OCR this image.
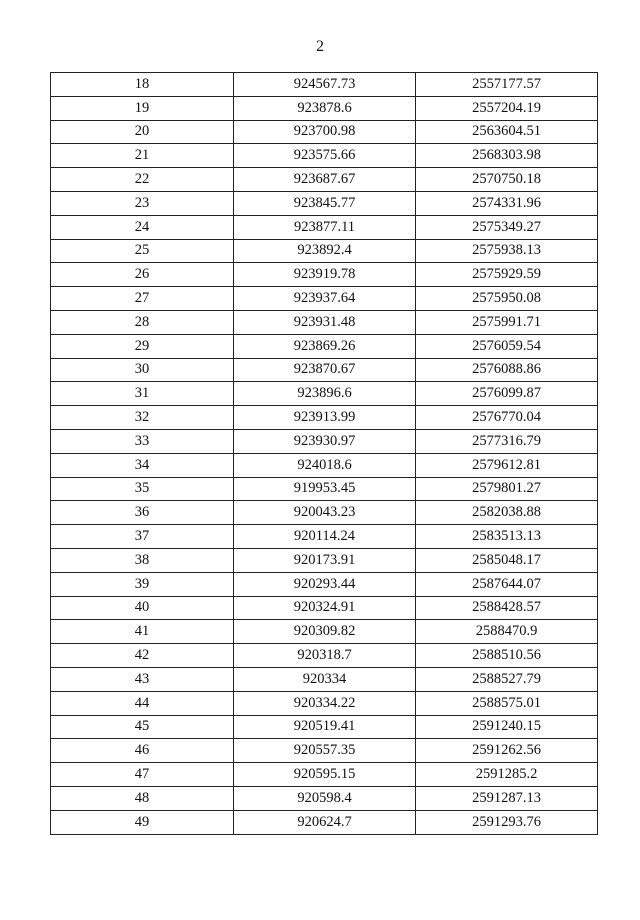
2
18	924567.73	2557177.57
19	923878.6	2557204.19
20	923700.98	2563604.51
21	923575.66	2568303.98
22	923687.67	2570750.18
23	923845.77	2574331.96
24	923877.11	2575349.27
25	923892.4	2575938.13
26	923919.78	2575929.59
27	923937.64	2575950.08
28	923931.48	2575991.71
29	923869.26	2576059.54
30	923870.67	2576088.86
31	923896.6	2576099.87
32	923913.99	2576770.04
33	923930.97	2577316.79
34	924018.6	2579612.81
35	919953.45	2579801.27
36	920043.23	2582038.88
37	920114.24	2583513.13
38	920173.91	2585048.17
39	920293.44	2587644.07
40	920324.91	2588428.57
41	920309.82	2588470.9
42	920318.7	2588510.56
43	920334	2588527.79
44	920334.22	2588575.01
45	920519.41	2591240.15
46	920557.35	2591262.56
47	920595.15	2591285.2
48	920598.4	2591287.13
49	920624.7	2591293.76
